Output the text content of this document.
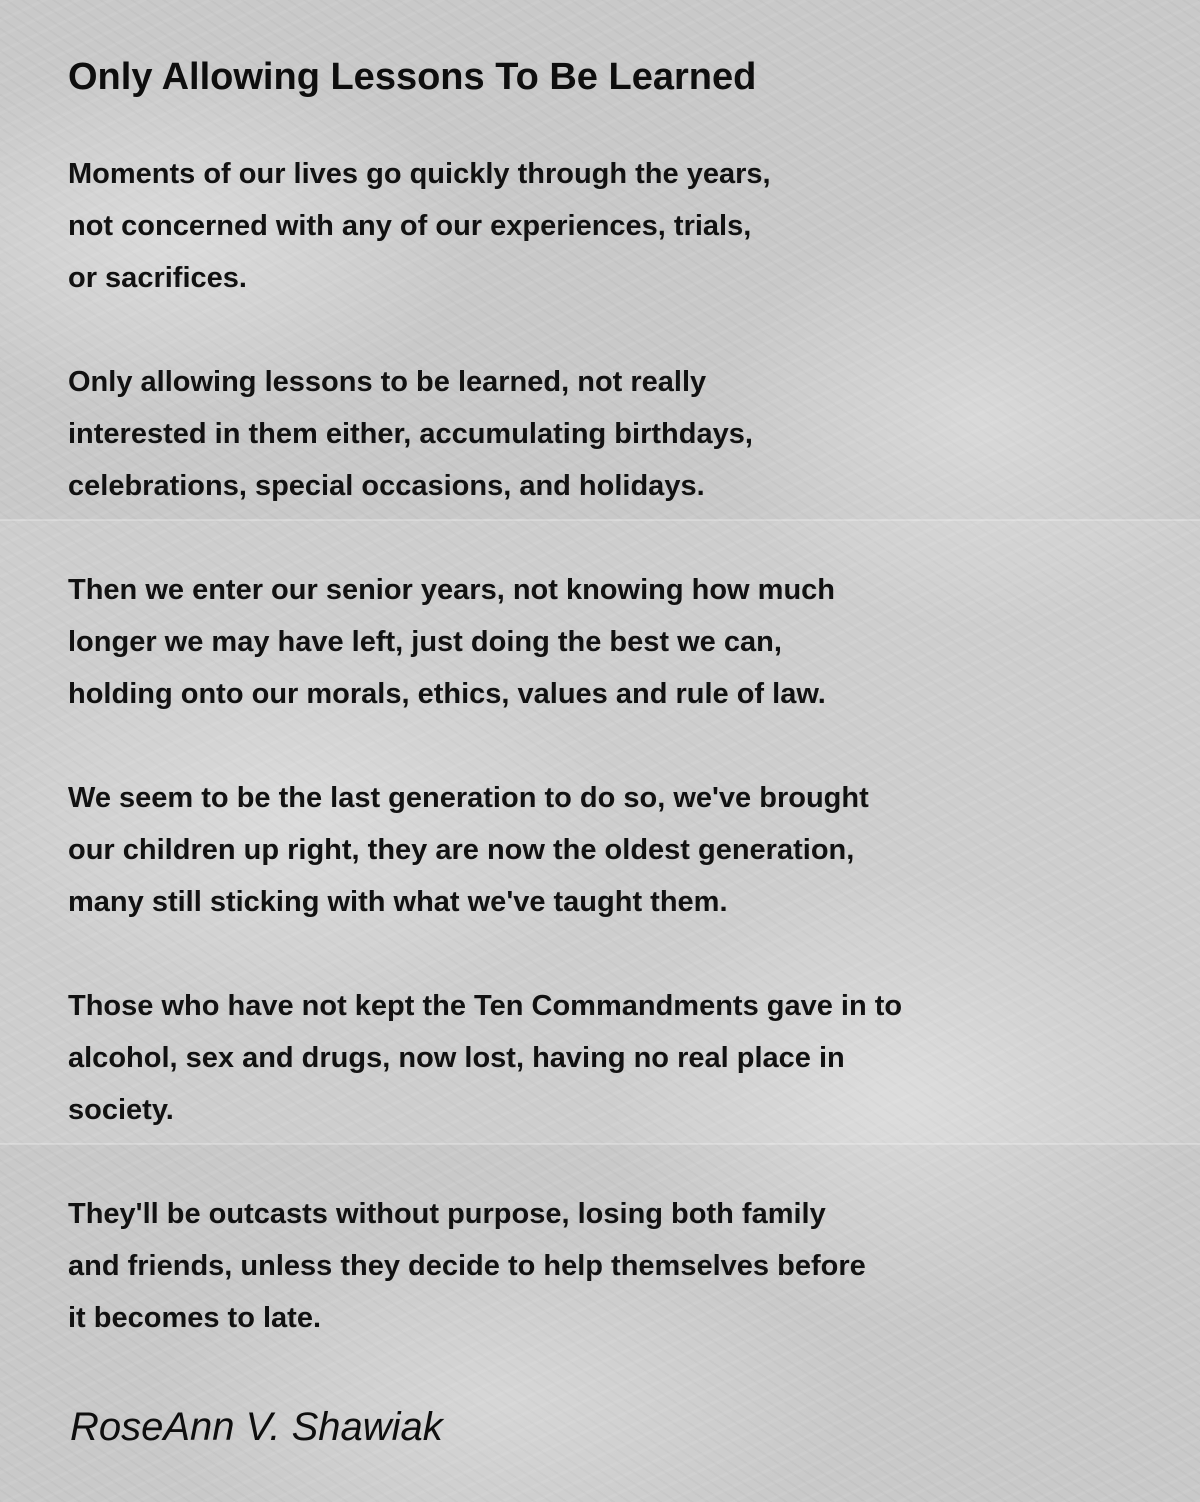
Only Allowing Lessons To Be Learned
Moments of our lives go quickly through the years,
not concerned with any of our experiences, trials,
or sacrifices.
Only allowing lessons to be learned, not really
interested in them either, accumulating birthdays,
celebrations, special occasions, and holidays.
Then we enter our senior years, not knowing how much
longer we may have left, just doing the best we can,
holding onto our morals, ethics, values and rule of law.
We seem to be the last generation to do so, we've brought
our children up right, they are now the oldest generation,
many still sticking with what we've taught them.
Those who have not kept the Ten Commandments gave in to
alcohol, sex and drugs, now lost, having no real place in
society.
They'll be outcasts without purpose, losing both family
and friends, unless they decide to help themselves before
it becomes to late.
RoseAnn V. Shawiak
